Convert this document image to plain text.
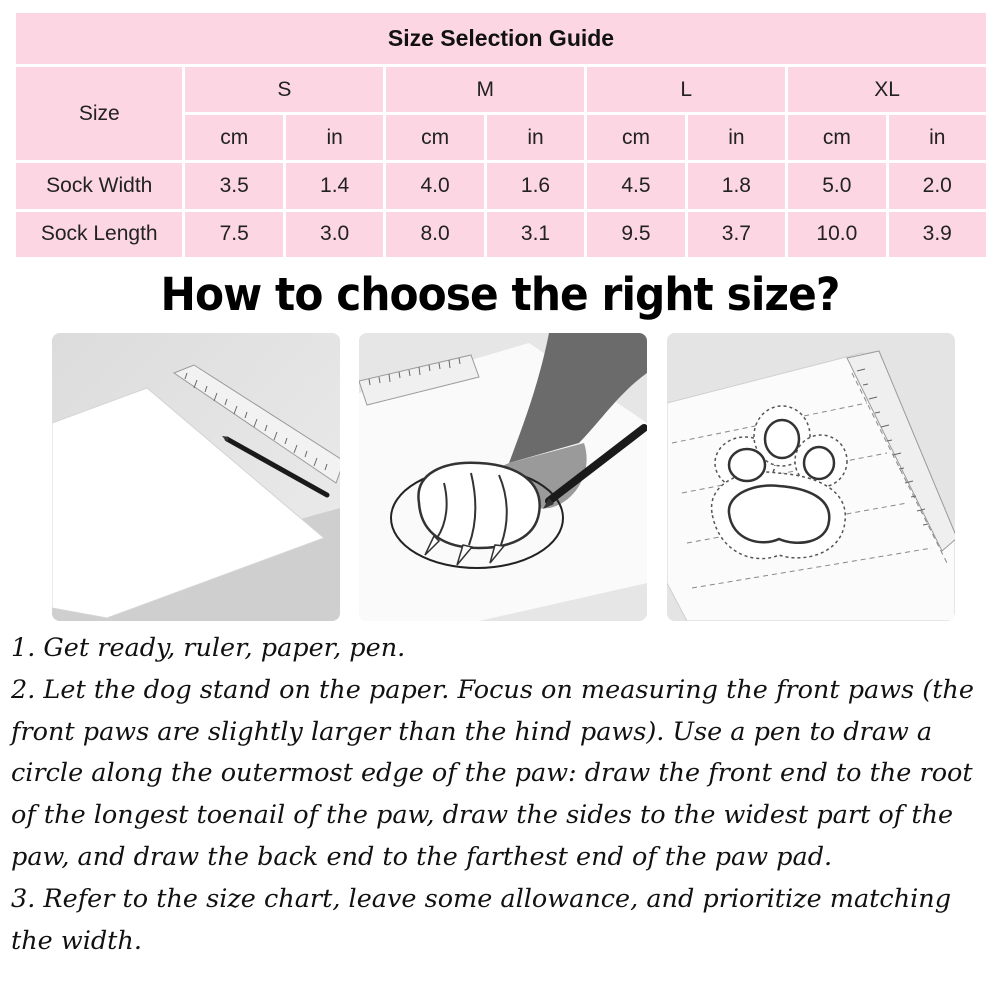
Size Selection Guide								
Size	S		M		L		XL	
	cm	in	cm	in	cm	in	cm	in
Sock Width	3.5	1.4	4.0	1.6	4.5	1.8	5.0	2.0
Sock Length	7.5	3.0	8.0	3.1	9.5	3.7	10.0	3.9
How to choose the right size?
1. Get ready, ruler, paper, pen.
2. Let the dog stand on the paper. Focus on measuring the front paws (the front paws are slightly larger than the hind paws). Use a pen to draw a circle along the outermost edge of the paw: draw the front end to the root of the longest toenail of the paw, draw the sides to the widest part of the paw, and draw the back end to the farthest end of the paw pad.
3. Refer to the size chart, leave some allowance, and prioritize matching the width.
